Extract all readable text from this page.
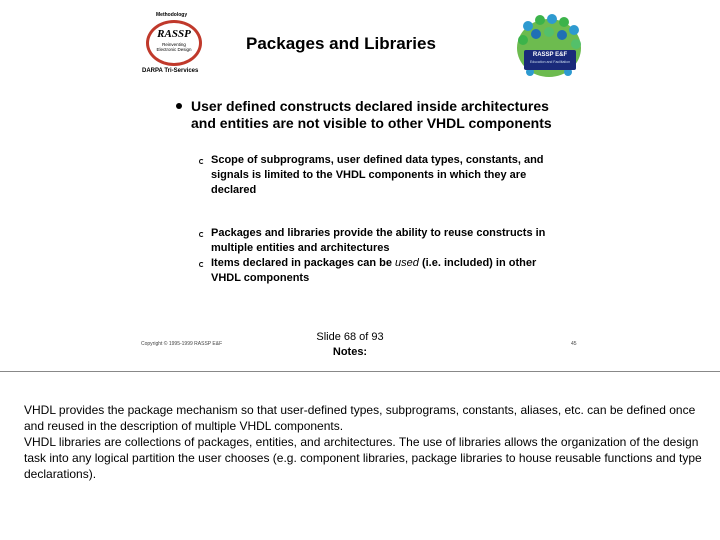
Methodology
RASSP
Reinventing Electronic Design
DARPA Tri-Services
Packages and Libraries
RASSP E&F
Education and Facilitation
User defined constructs declared inside architectures and entities are not visible to other VHDL components
Scope of subprograms, user defined data types, constants, and signals is limited to the VHDL components in which they are declared
Packages and libraries provide the ability to reuse constructs in multiple entities and architectures
Items declared in packages can be used (i.e. included) in other VHDL components
Copyright © 1995-1999 RASSP E&F
Slide 68 of 93
Notes:
45

VHDL provides the package mechanism so that user-defined types, subprograms, constants, aliases, etc. can be defined once and reused in the description of multiple VHDL components.

VHDL libraries are collections of packages, entities, and architectures. The use of libraries allows the organization of the design task into any logical partition the user chooses (e.g. component libraries, package libraries to house reusable functions and type declarations).
